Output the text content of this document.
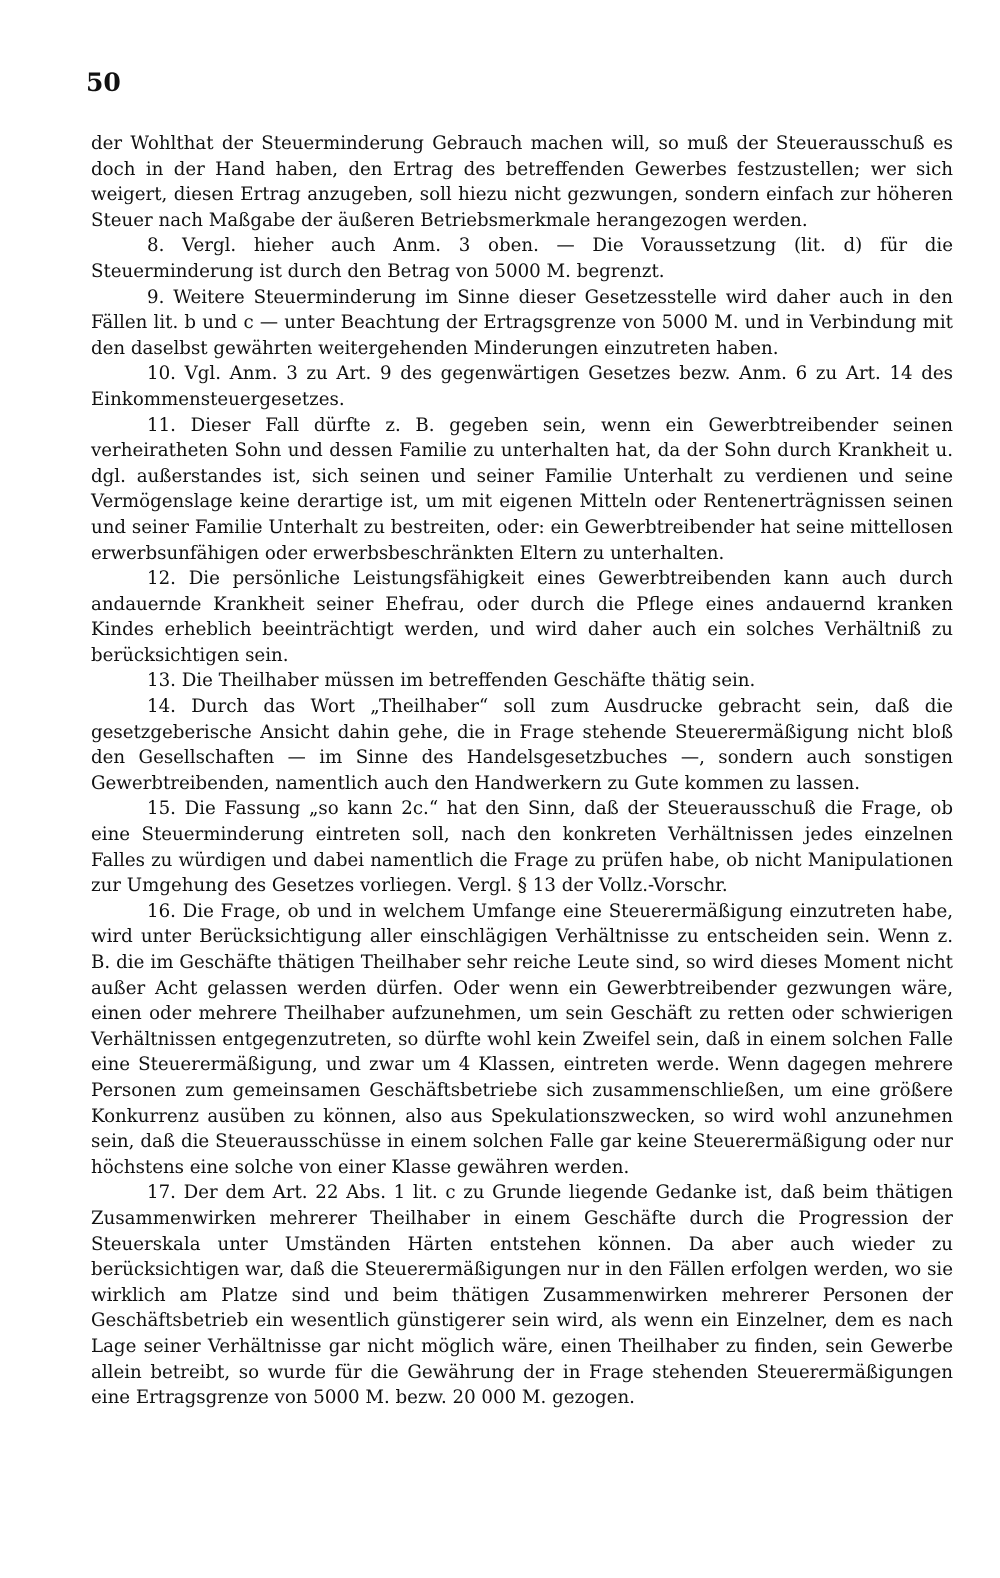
50

der Wohlthat der Steuerminderung Gebrauch machen will, so muß der Steuerausschuß es doch in der Hand haben, den Ertrag des betreffenden Gewerbes festzustellen; wer sich weigert, diesen Ertrag anzugeben, soll hiezu nicht gezwungen, sondern einfach zur höheren Steuer nach Maßgabe der äußeren Betriebsmerkmale herangezogen werden.

8. Vergl. hieher auch Anm. 3 oben. — Die Voraussetzung (lit. d) für die Steuerminderung ist durch den Betrag von 5000 M. begrenzt.

9. Weitere Steuerminderung im Sinne dieser Gesetzesstelle wird daher auch in den Fällen lit. b und c — unter Beachtung der Ertragsgrenze von 5000 M. und in Verbindung mit den daselbst gewährten weitergehenden Minderungen einzutreten haben.

10. Vgl. Anm. 3 zu Art. 9 des gegenwärtigen Gesetzes bezw. Anm. 6 zu Art. 14 des Einkommensteuergesetzes.

11. Dieser Fall dürfte z. B. gegeben sein, wenn ein Gewerbtreibender seinen verheiratheten Sohn und dessen Familie zu unterhalten hat, da der Sohn durch Krankheit u. dgl. außerstandes ist, sich seinen und seiner Familie Unterhalt zu verdienen und seine Vermögenslage keine derartige ist, um mit eigenen Mitteln oder Rentenerträgnissen seinen und seiner Familie Unterhalt zu bestreiten, oder: ein Gewerbtreibender hat seine mittellosen erwerbsunfähigen oder erwerbsbeschränkten Eltern zu unterhalten.

12. Die persönliche Leistungsfähigkeit eines Gewerbtreibenden kann auch durch andauernde Krankheit seiner Ehefrau, oder durch die Pflege eines andauernd kranken Kindes erheblich beeinträchtigt werden, und wird daher auch ein solches Verhältniß zu berücksichtigen sein.

13. Die Theilhaber müssen im betreffenden Geschäfte thätig sein.

14. Durch das Wort „Theilhaber“ soll zum Ausdrucke gebracht sein, daß die gesetzgeberische Ansicht dahin gehe, die in Frage stehende Steuerermäßigung nicht bloß den Gesellschaften — im Sinne des Handelsgesetzbuches —, sondern auch sonstigen Gewerbtreibenden, namentlich auch den Handwerkern zu Gute kommen zu lassen.

15. Die Fassung „so kann 2c.“ hat den Sinn, daß der Steuerausschuß die Frage, ob eine Steuerminderung eintreten soll, nach den konkreten Verhältnissen jedes einzelnen Falles zu würdigen und dabei namentlich die Frage zu prüfen habe, ob nicht Manipulationen zur Umgehung des Gesetzes vorliegen. Vergl. § 13 der Vollz.-Vorschr.

16. Die Frage, ob und in welchem Umfange eine Steuerermäßigung einzutreten habe, wird unter Berücksichtigung aller einschlägigen Verhältnisse zu entscheiden sein. Wenn z. B. die im Geschäfte thätigen Theilhaber sehr reiche Leute sind, so wird dieses Moment nicht außer Acht gelassen werden dürfen. Oder wenn ein Gewerbtreibender gezwungen wäre, einen oder mehrere Theilhaber aufzunehmen, um sein Geschäft zu retten oder schwierigen Verhältnissen entgegenzutreten, so dürfte wohl kein Zweifel sein, daß in einem solchen Falle eine Steuerermäßigung, und zwar um 4 Klassen, eintreten werde. Wenn dagegen mehrere Personen zum gemeinsamen Geschäftsbetriebe sich zusammenschließen, um eine größere Konkurrenz ausüben zu können, also aus Spekulationszwecken, so wird wohl anzunehmen sein, daß die Steuerausschüsse in einem solchen Falle gar keine Steuerermäßigung oder nur höchstens eine solche von einer Klasse gewähren werden.

17. Der dem Art. 22 Abs. 1 lit. c zu Grunde liegende Gedanke ist, daß beim thätigen Zusammenwirken mehrerer Theilhaber in einem Geschäfte durch die Progression der Steuerskala unter Umständen Härten entstehen können. Da aber auch wieder zu berücksichtigen war, daß die Steuerermäßigungen nur in den Fällen erfolgen werden, wo sie wirklich am Platze sind und beim thätigen Zusammenwirken mehrerer Personen der Geschäftsbetrieb ein wesentlich günstigerer sein wird, als wenn ein Einzelner, dem es nach Lage seiner Verhältnisse gar nicht möglich wäre, einen Theilhaber zu finden, sein Gewerbe allein betreibt, so wurde für die Gewährung der in Frage stehenden Steuerermäßigungen eine Ertragsgrenze von 5000 M. bezw. 20 000 M. gezogen.
